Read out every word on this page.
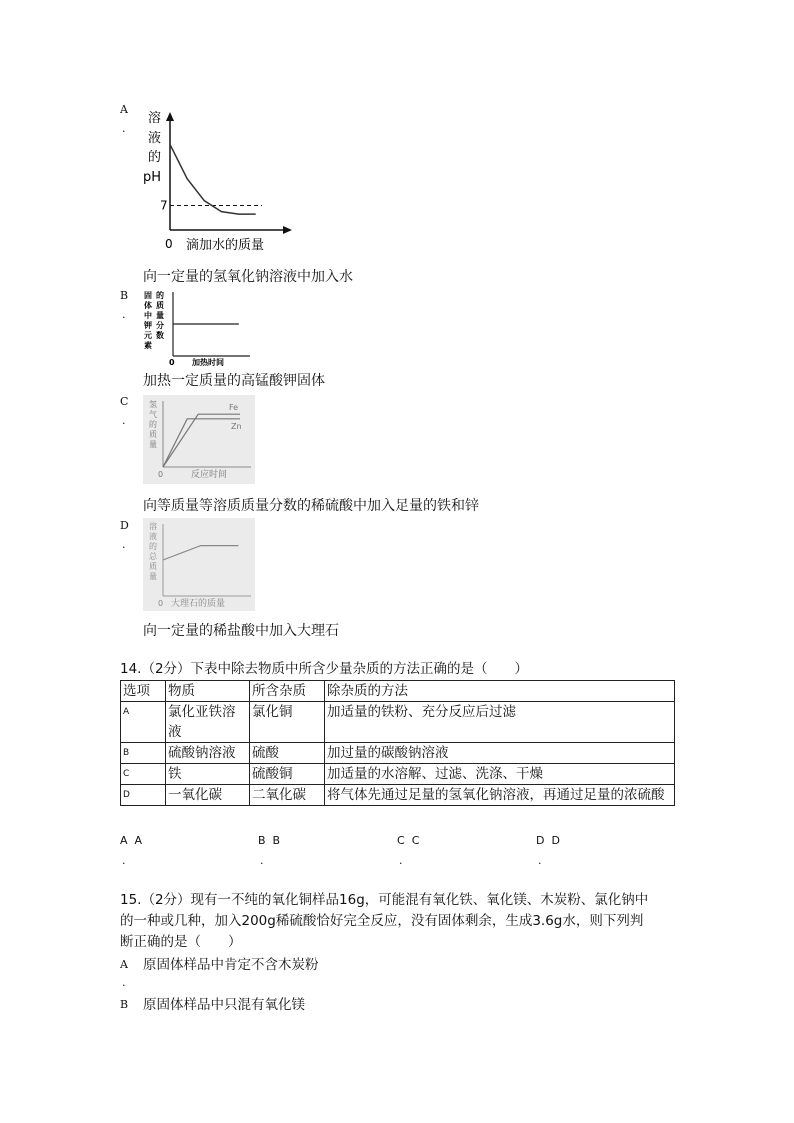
A
.
溶
液
的
pH
7
0 滴加水的质量
向一定量的氢氧化钠溶液中加入水
B
.
固
体
中
钾
元
素
的
质
量
分
数
0 加热时间
加热一定质量的高锰酸钾固体
C
.
氢
气
的
质
量
Fe
Zn
0	反应时间
向等质量等溶质质量分数的稀硫酸中加入足量的铁和锌
D
.
溶
液
的
总
质
量
0 大理石的质量
向一定量的稀盐酸中加入大理石
14.（2分）下表中除去物质中所含少量杂质的方法正确的是（　　）
选项	物质	所含杂质	除杂质的方法
A	氯化亚铁溶液	氯化铜	加适量的铁粉、充分反应后过滤
B	硫酸钠溶液	硫酸	加过量的碳酸钠溶液
C	铁	硫酸铜	加适量的水溶解、过滤、洗涤、干燥
D	一氧化碳	二氧化碳	将气体先通过足量的氢氧化钠溶液，再通过足量的浓硫酸
A A
.
B B
.
C C
.
D D
.
15.（2分）现有一不纯的氧化铜样品16g，可能混有氧化铁、氧化镁、木炭粉、氯化钠中
的一种或几种，加入200g稀硫酸恰好完全反应，没有固体剩余，生成3.6g水，则下列判
断正确的是（　　）
A 原固体样品中肯定不含木炭粉
.
B 原固体样品中只混有氧化镁
